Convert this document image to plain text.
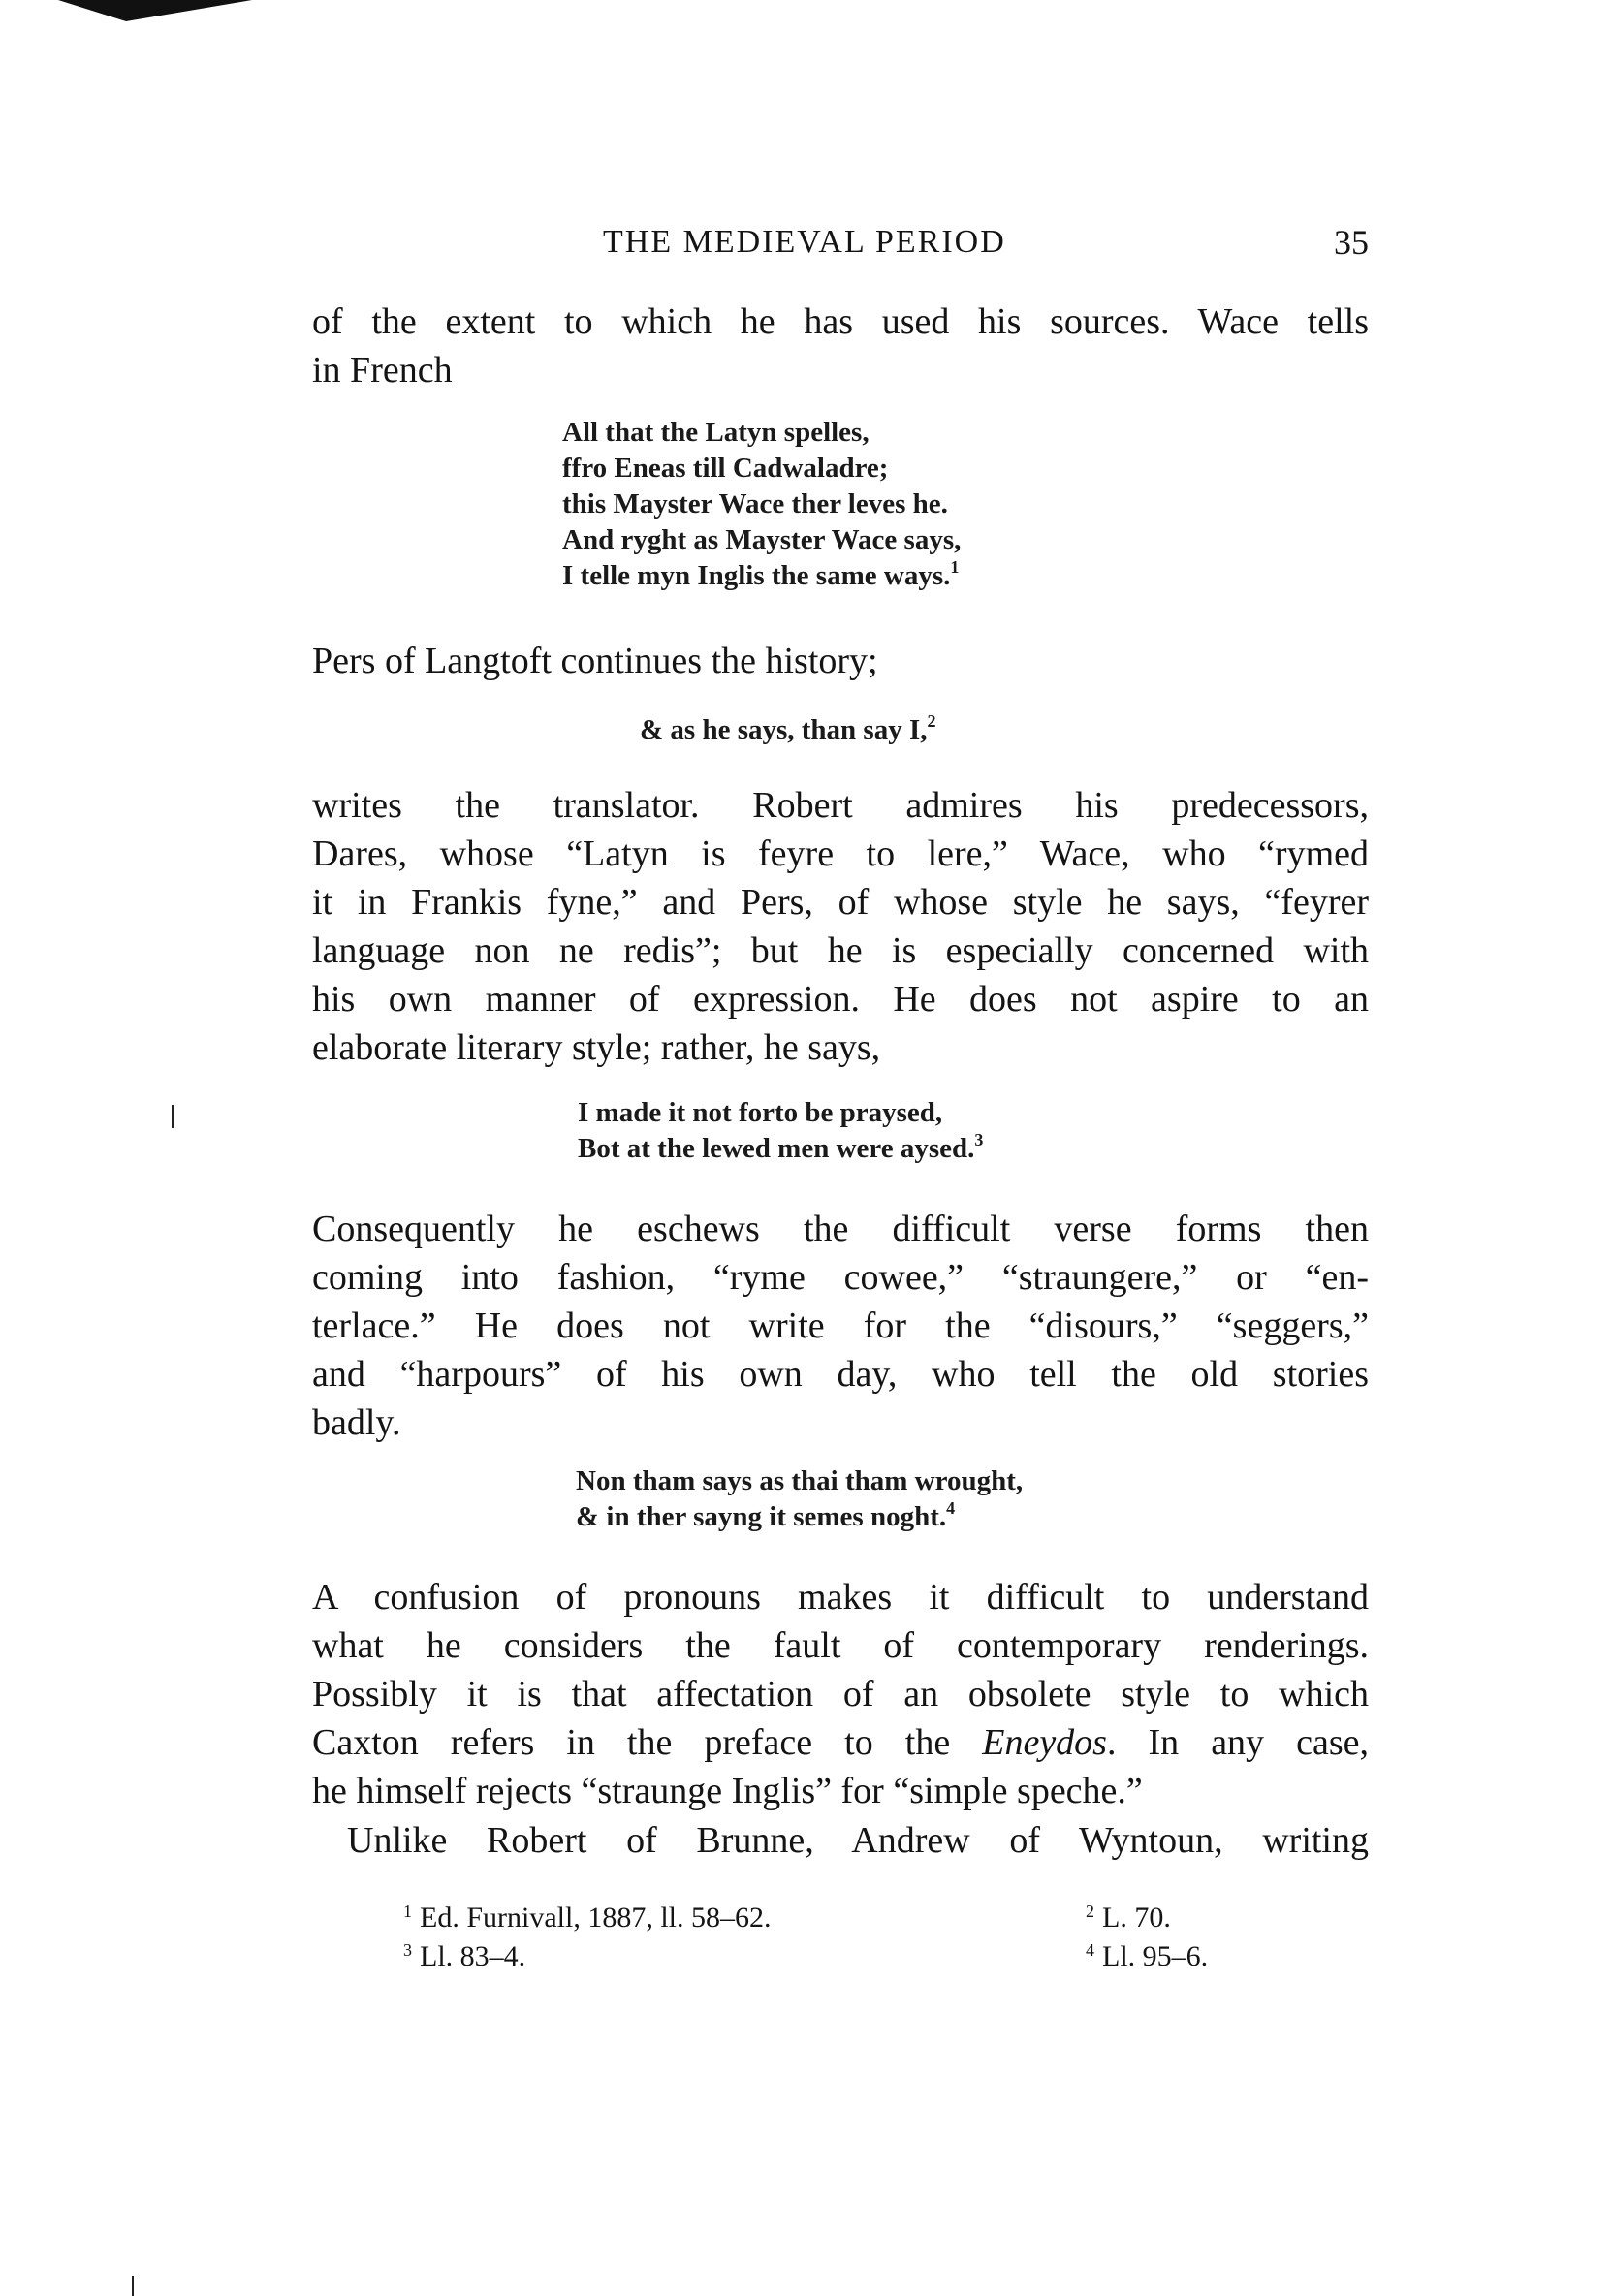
THE MEDIEVAL PERIOD	35
of the extent to which he has used his sources. Wace tells
in French
All that the Latyn spelles,
ffro Eneas till Cadwaladre;
this Mayster Wace ther leves he.
And ryght as Mayster Wace says,
I telle myn Inglis the same ways.$^1$
Pers of Langtoft continues the history;
& as he says, than say I,$^2$
writes the translator. Robert admires his predecessors,
Dares, whose “Latyn is feyre to lere,” Wace, who “rymed
it in Frankis fyne,” and Pers, of whose style he says, “feyrer
language non ne redis”; but he is especially concerned with
his own manner of expression. He does not aspire to an
elaborate literary style; rather, he says,
I made it not forto be praysed,
Bot at the lewed men were aysed.$^3$
Consequently he eschews the difficult verse forms then
coming into fashion, “ryme cowee,” “straungere,” or “en-
terlace.” He does not write for the “disours,” “seggers,”
and “harpours” of his own day, who tell the old stories
badly.
Non tham says as thai tham wrought,
& in ther sayng it semes noght.$^4$
A confusion of pronouns makes it difficult to understand
what he considers the fault of contemporary renderings.
Possibly it is that affectation of an obsolete style to which
Caxton refers in the preface to the Eneydos. In any case,
he himself rejects “straunge Inglis” for “simple speche.”
Unlike Robert of Brunne, Andrew of Wyntoun, writing
$^1$ Ed. Furnivall, 1887, ll. 58–62.	$^2$ L. 70.
$^3$ Ll. 83–4.	$^4$ Ll. 95–6.
